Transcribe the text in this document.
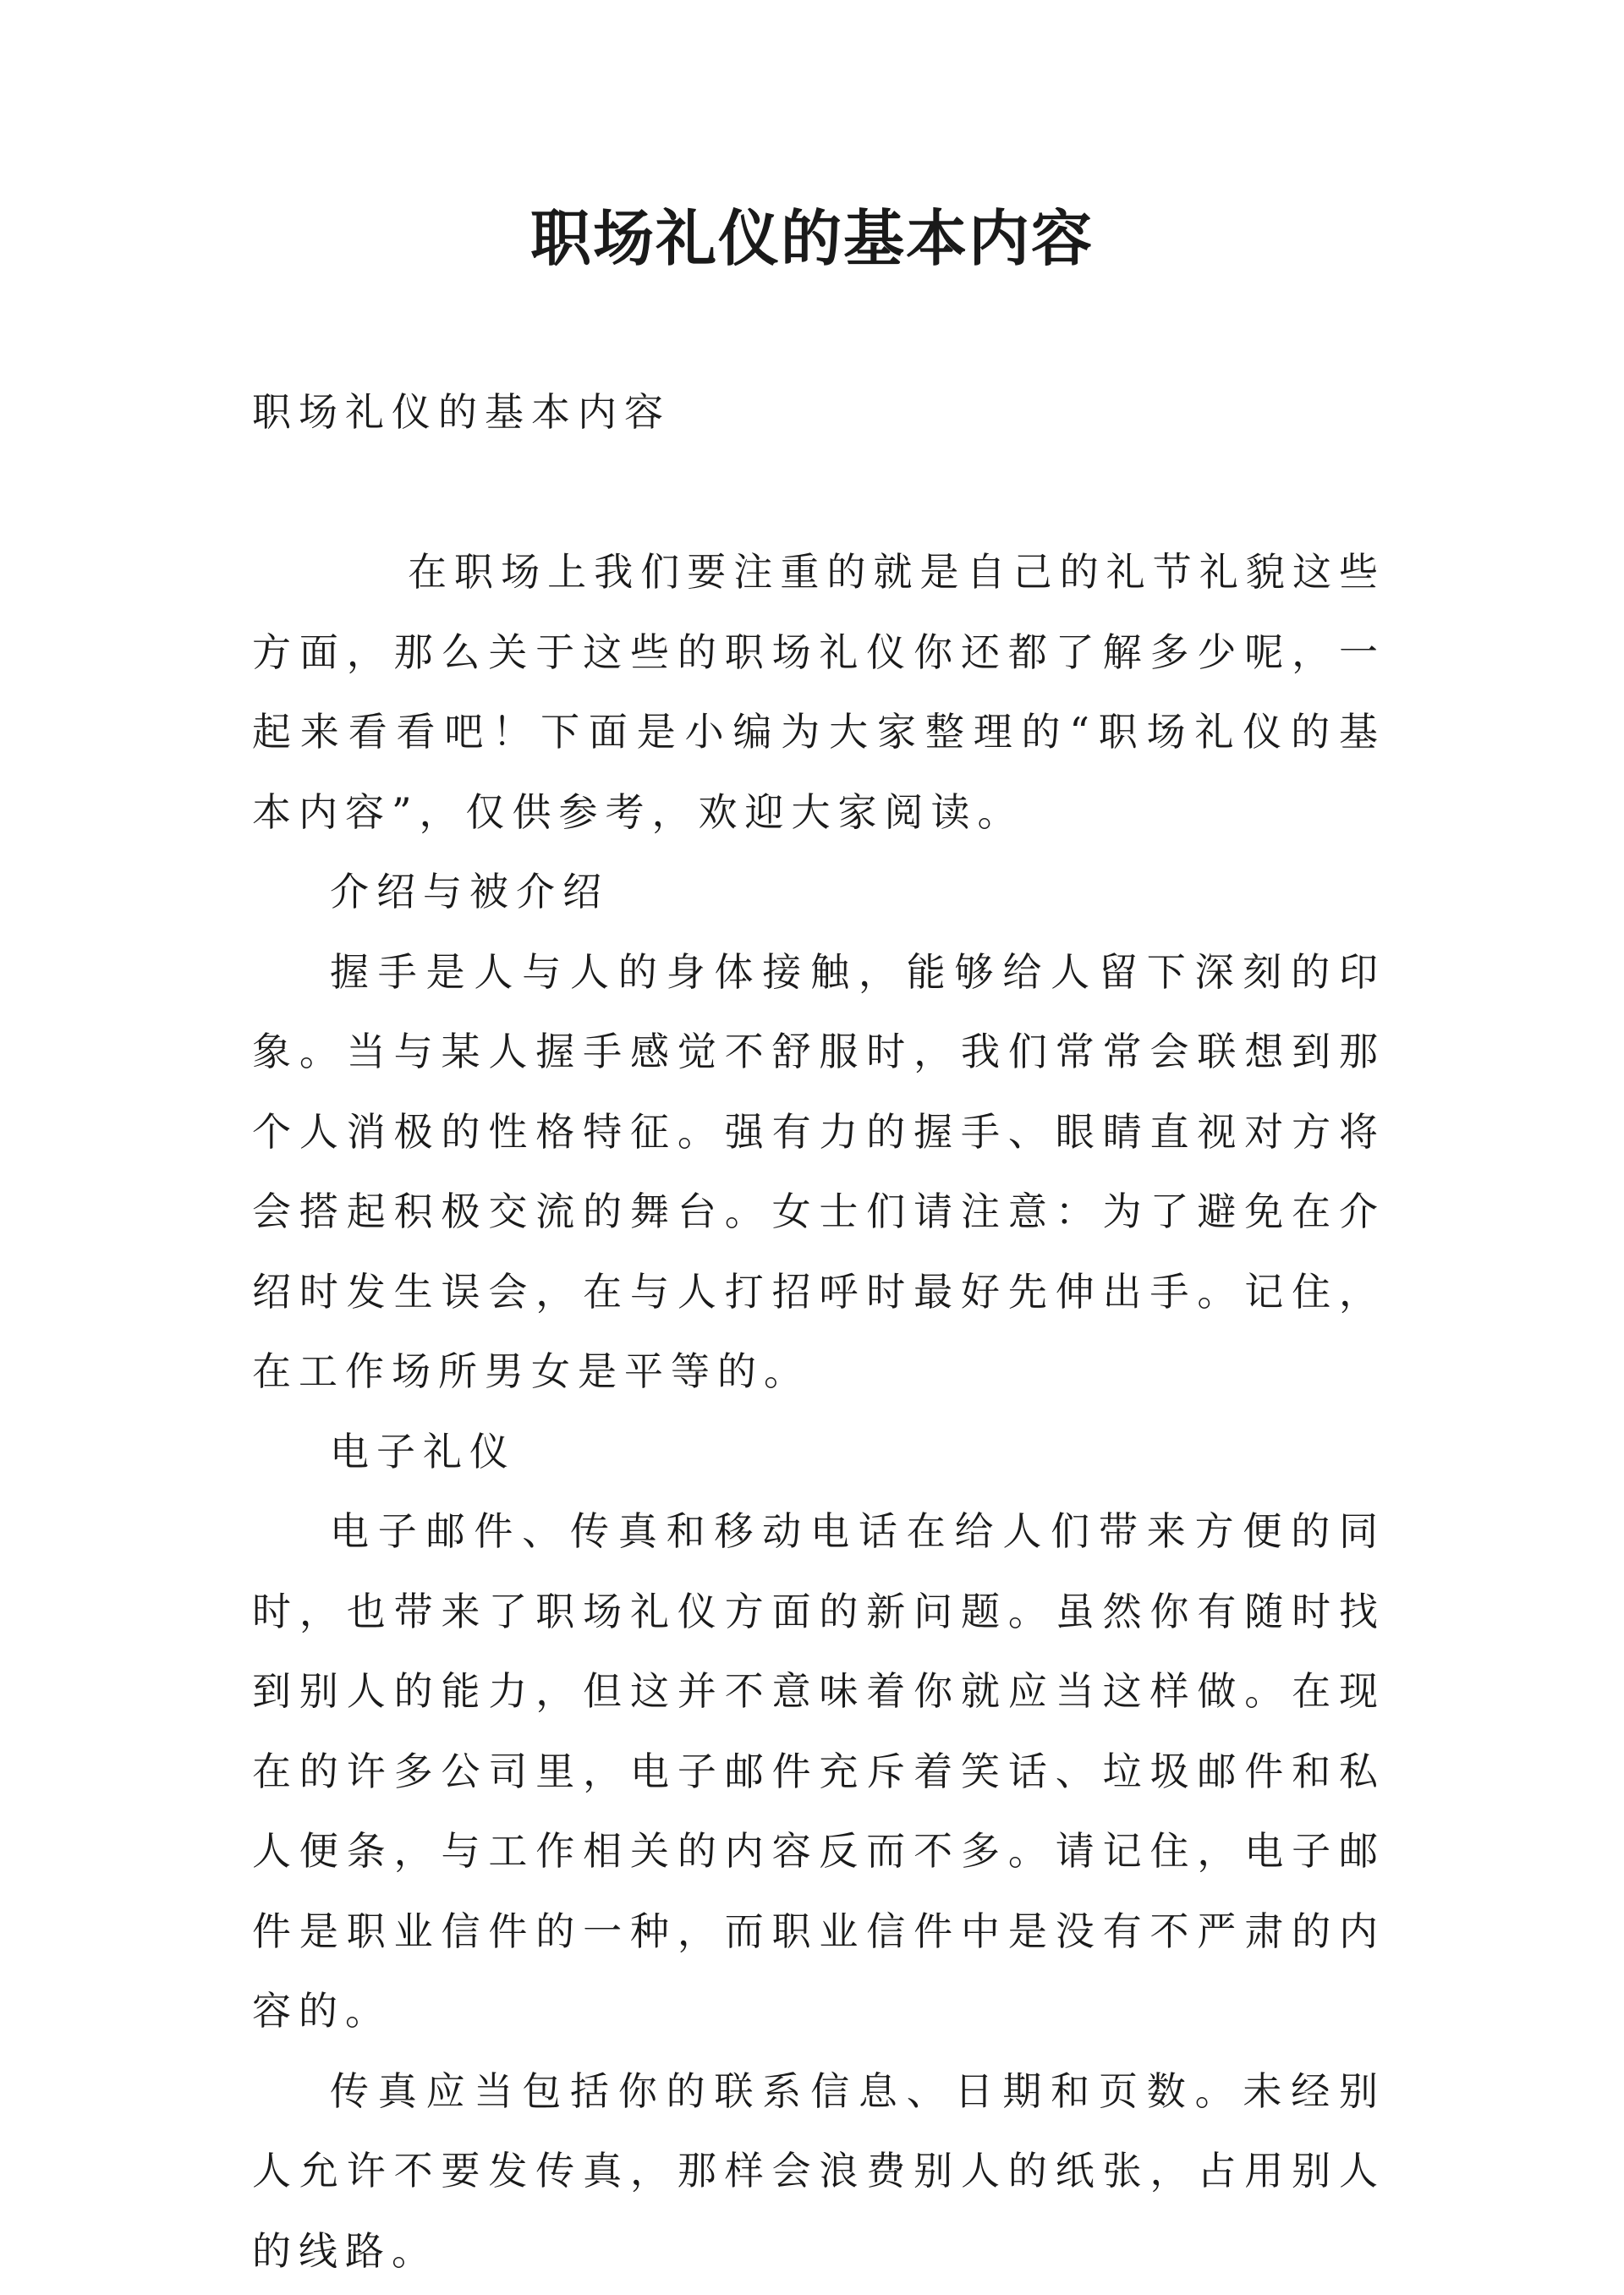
职场礼仪的基本内容

职场礼仪的基本内容

在职场上我们要注重的就是自己的礼节礼貌这些方面，那么关于这些的职场礼仪你还都了解多少呢，一起来看看吧！下面是小编为大家整理的“职场礼仪的基本内容”，仅供参考，欢迎大家阅读。

介绍与被介绍

握手是人与人的身体接触，能够给人留下深刻的印象。当与某人握手感觉不舒服时，我们常常会联想到那个人消极的性格特征。强有力的握手、眼睛直视对方将会搭起积极交流的舞台。女士们请注意：为了避免在介绍时发生误会，在与人打招呼时最好先伸出手。记住，在工作场所男女是平等的。

电子礼仪

电子邮件、传真和移动电话在给人们带来方便的同时，也带来了职场礼仪方面的新问题。虽然你有随时找到别人的能力，但这并不意味着你就应当这样做。在现在的许多公司里，电子邮件充斥着笑话、垃圾邮件和私人便条，与工作相关的内容反而不多。请记住，电子邮件是职业信件的一种，而职业信件中是没有不严肃的内容的。

传真应当包括你的联系信息、日期和页数。未经别人允许不要发传真，那样会浪费别人的纸张，占用别人的线路。
